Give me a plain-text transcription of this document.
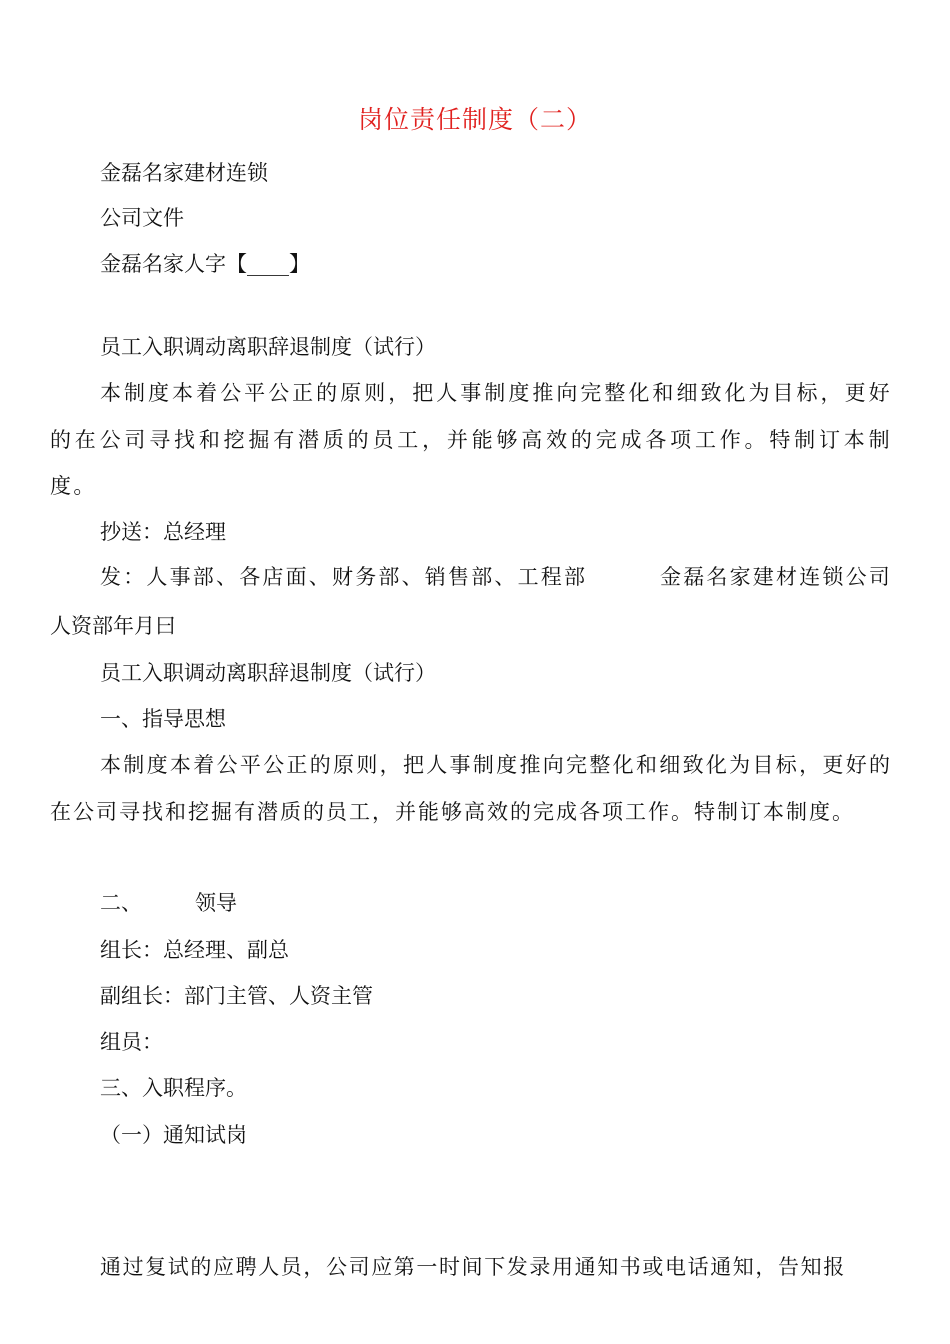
岗位责任制度（二）
金磊名家建材连锁
公司文件
金磊名家人字【____】
员工入职调动离职辞退制度（试行）
本制度本着公平公正的原则，把人事制度推向完整化和细致化为目标，更好的在公司寻找和挖掘有潜质的员工，并能够高效的完成各项工作。特制订本制度。
抄送：总经理
发：人事部、各店面、财务部、销售部、工程部	金磊名家建材连锁公司
人资部年月曰
员工入职调动离职辞退制度（试行）
一、指导思想
本制度本着公平公正的原则，把人事制度推向完整化和细致化为目标，更好的在公司寻找和挖掘有潜质的员工，并能够高效的完成各项工作。特制订本制度。
二、	领导
组长：总经理、副总
副组长：部门主管、人资主管
组员：
三、入职程序。
（一）通知试岗
通过复试的应聘人员，公司应第一时间下发录用通知书或电话通知，告知报
